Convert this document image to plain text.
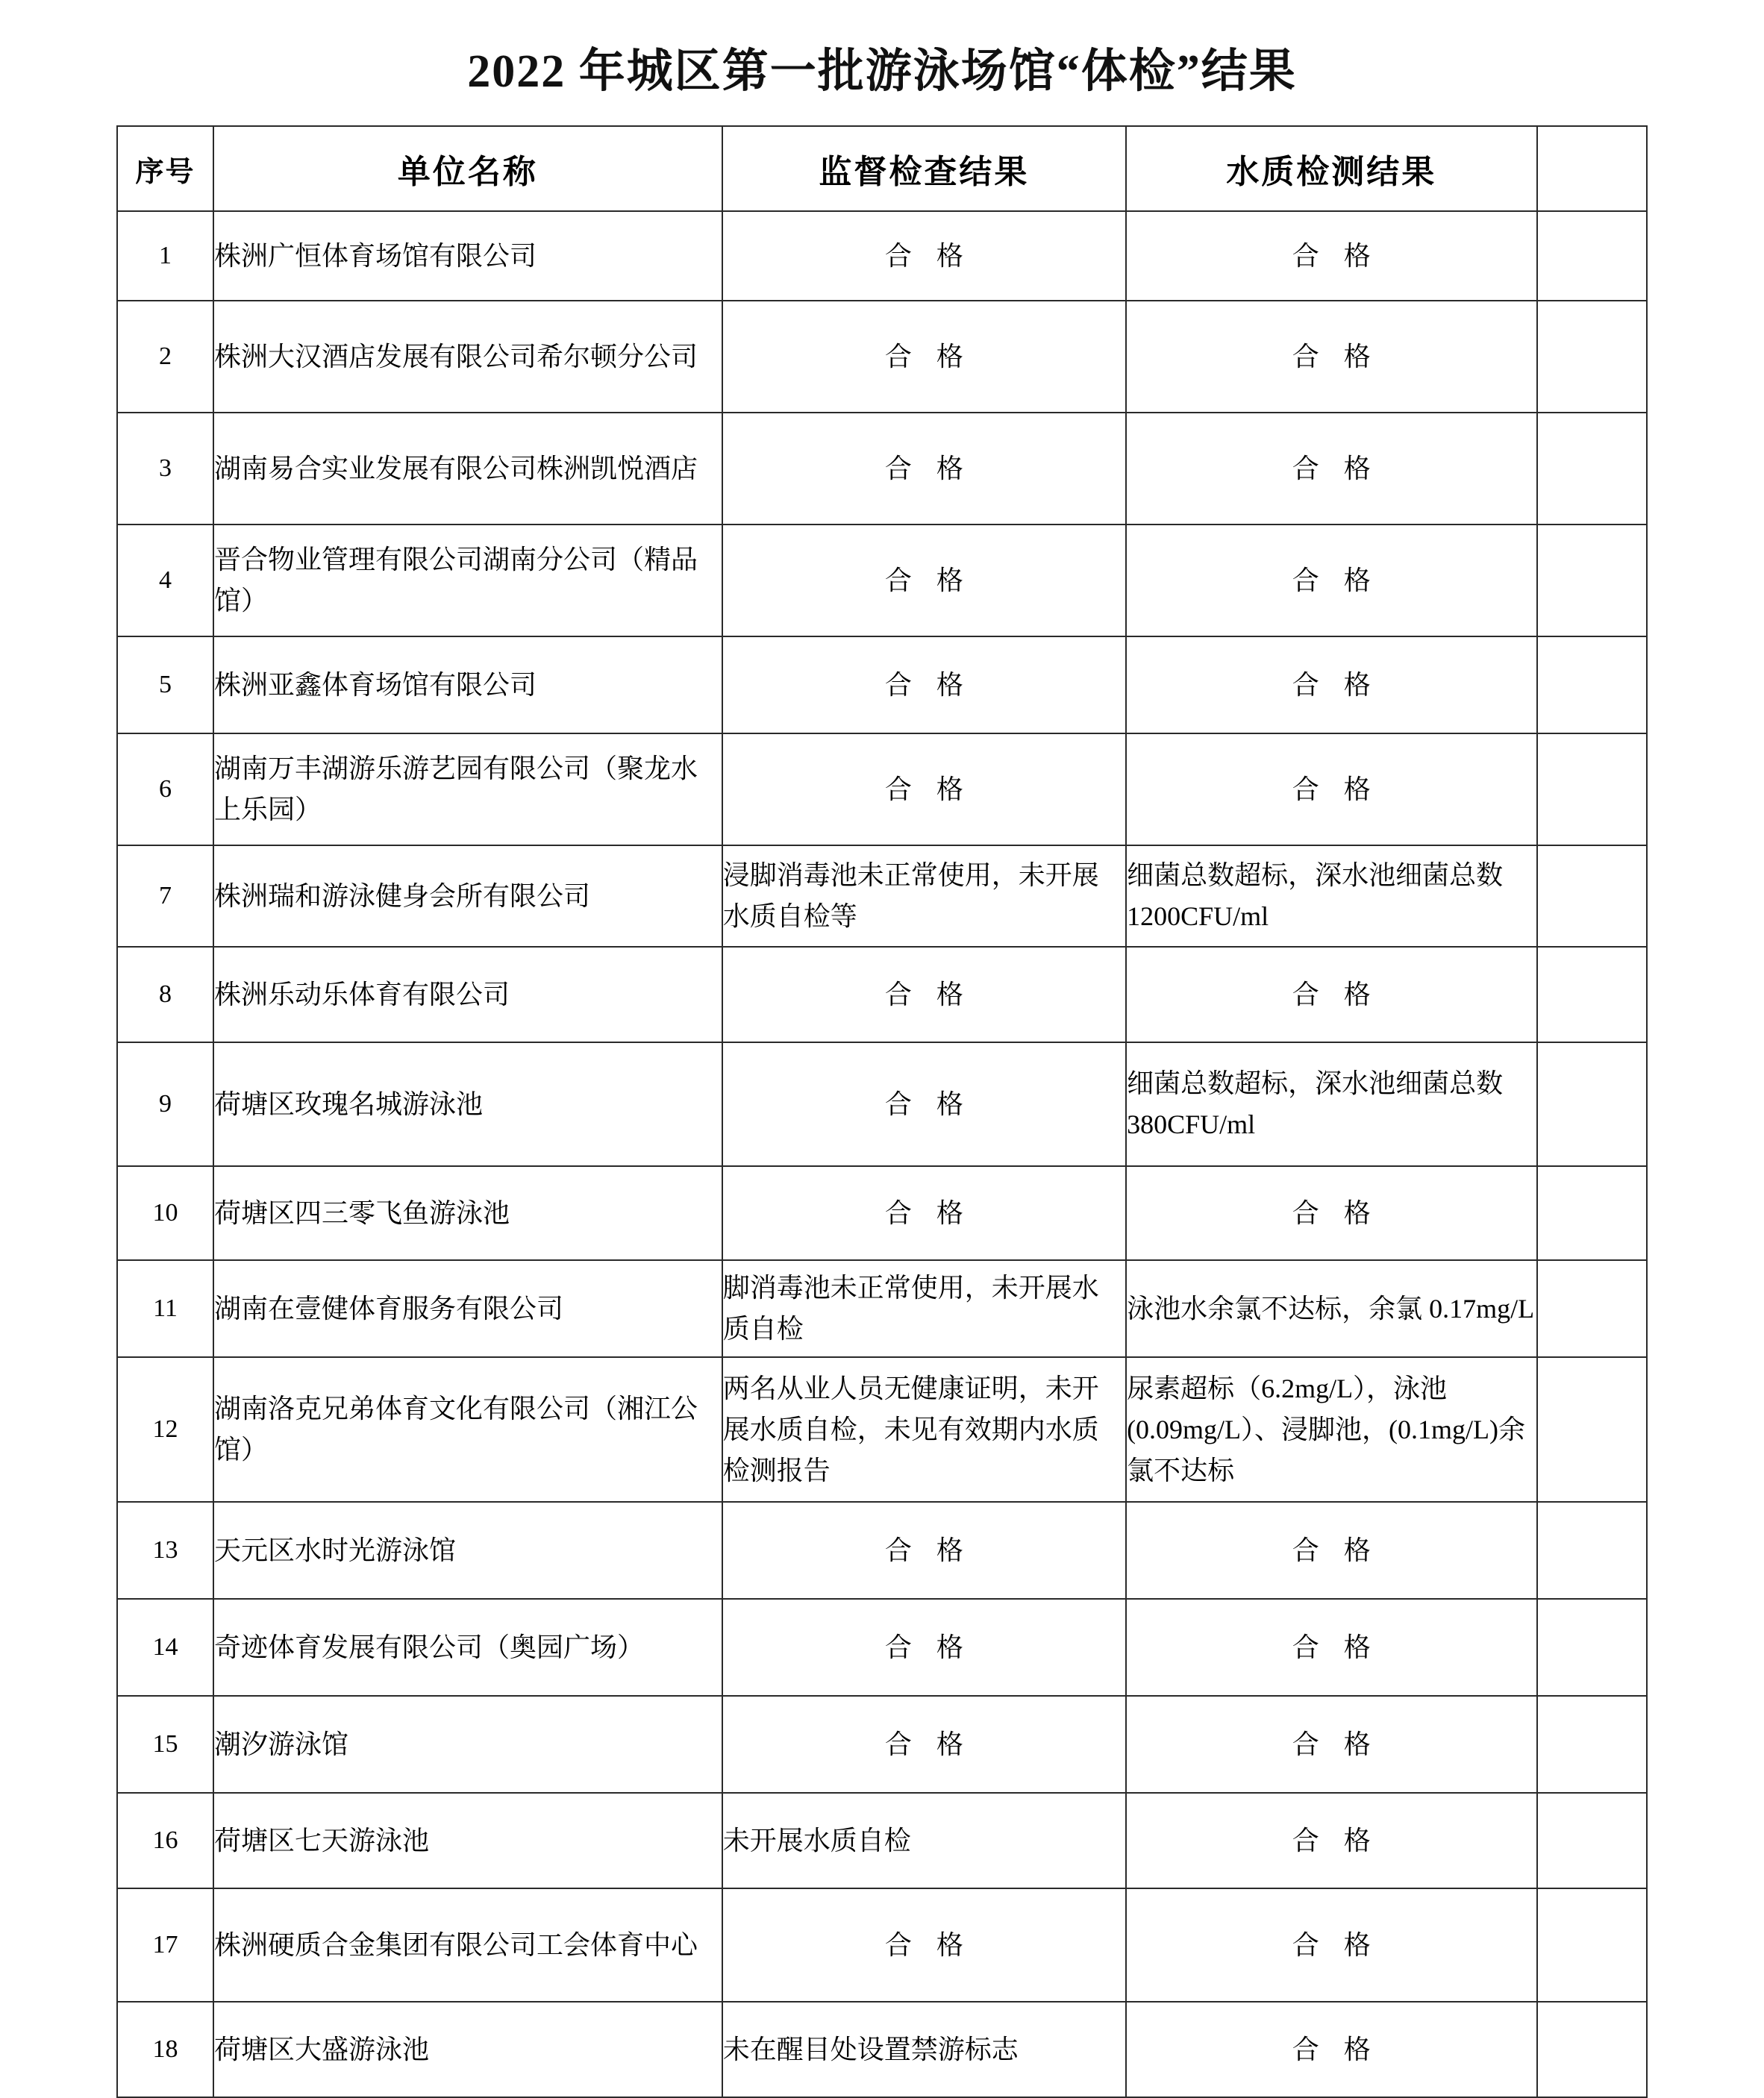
2022 年城区第一批游泳场馆“体检”结果
序号	单位名称	监督检查结果	水质检测结果	
1	株洲广恒体育场馆有限公司	合 格	合 格	
2	株洲大汉酒店发展有限公司希尔顿分公司	合 格	合 格	
3	湖南易合实业发展有限公司株洲凯悦酒店	合 格	合 格	
4	晋合物业管理有限公司湖南分公司（精品馆）	合 格	合 格	
5	株洲亚鑫体育场馆有限公司	合 格	合 格	
6	湖南万丰湖游乐游艺园有限公司（聚龙水上乐园）	合 格	合 格	
7	株洲瑞和游泳健身会所有限公司	浸脚消毒池未正常使用，未开展水质自检等	细菌总数超标，深水池细菌总数 1200CFU/ml	
8	株洲乐动乐体育有限公司	合 格	合 格	
9	荷塘区玫瑰名城游泳池	合 格	细菌总数超标，深水池细菌总数 380CFU/ml	
10	荷塘区四三零飞鱼游泳池	合 格	合 格	
11	湖南在壹健体育服务有限公司	脚消毒池未正常使用，未开展水质自检	泳池水余氯不达标，余氯 0.17mg/L	
12	湖南洛克兄弟体育文化有限公司（湘江公馆）	两名从业人员无健康证明，未开展水质自检，未见有效期内水质检测报告	尿素超标（6.2mg/L），泳池(0.09mg/L）、浸脚池，(0.1mg/L)余氯不达标	
13	天元区水时光游泳馆	合 格	合 格	
14	奇迹体育发展有限公司（奥园广场）	合 格	合 格	
15	潮汐游泳馆	合 格	合 格	
16	荷塘区七天游泳池	未开展水质自检	合 格	
17	株洲硬质合金集团有限公司工会体育中心	合 格	合 格	
18	荷塘区大盛游泳池	未在醒目处设置禁游标志	合 格	
